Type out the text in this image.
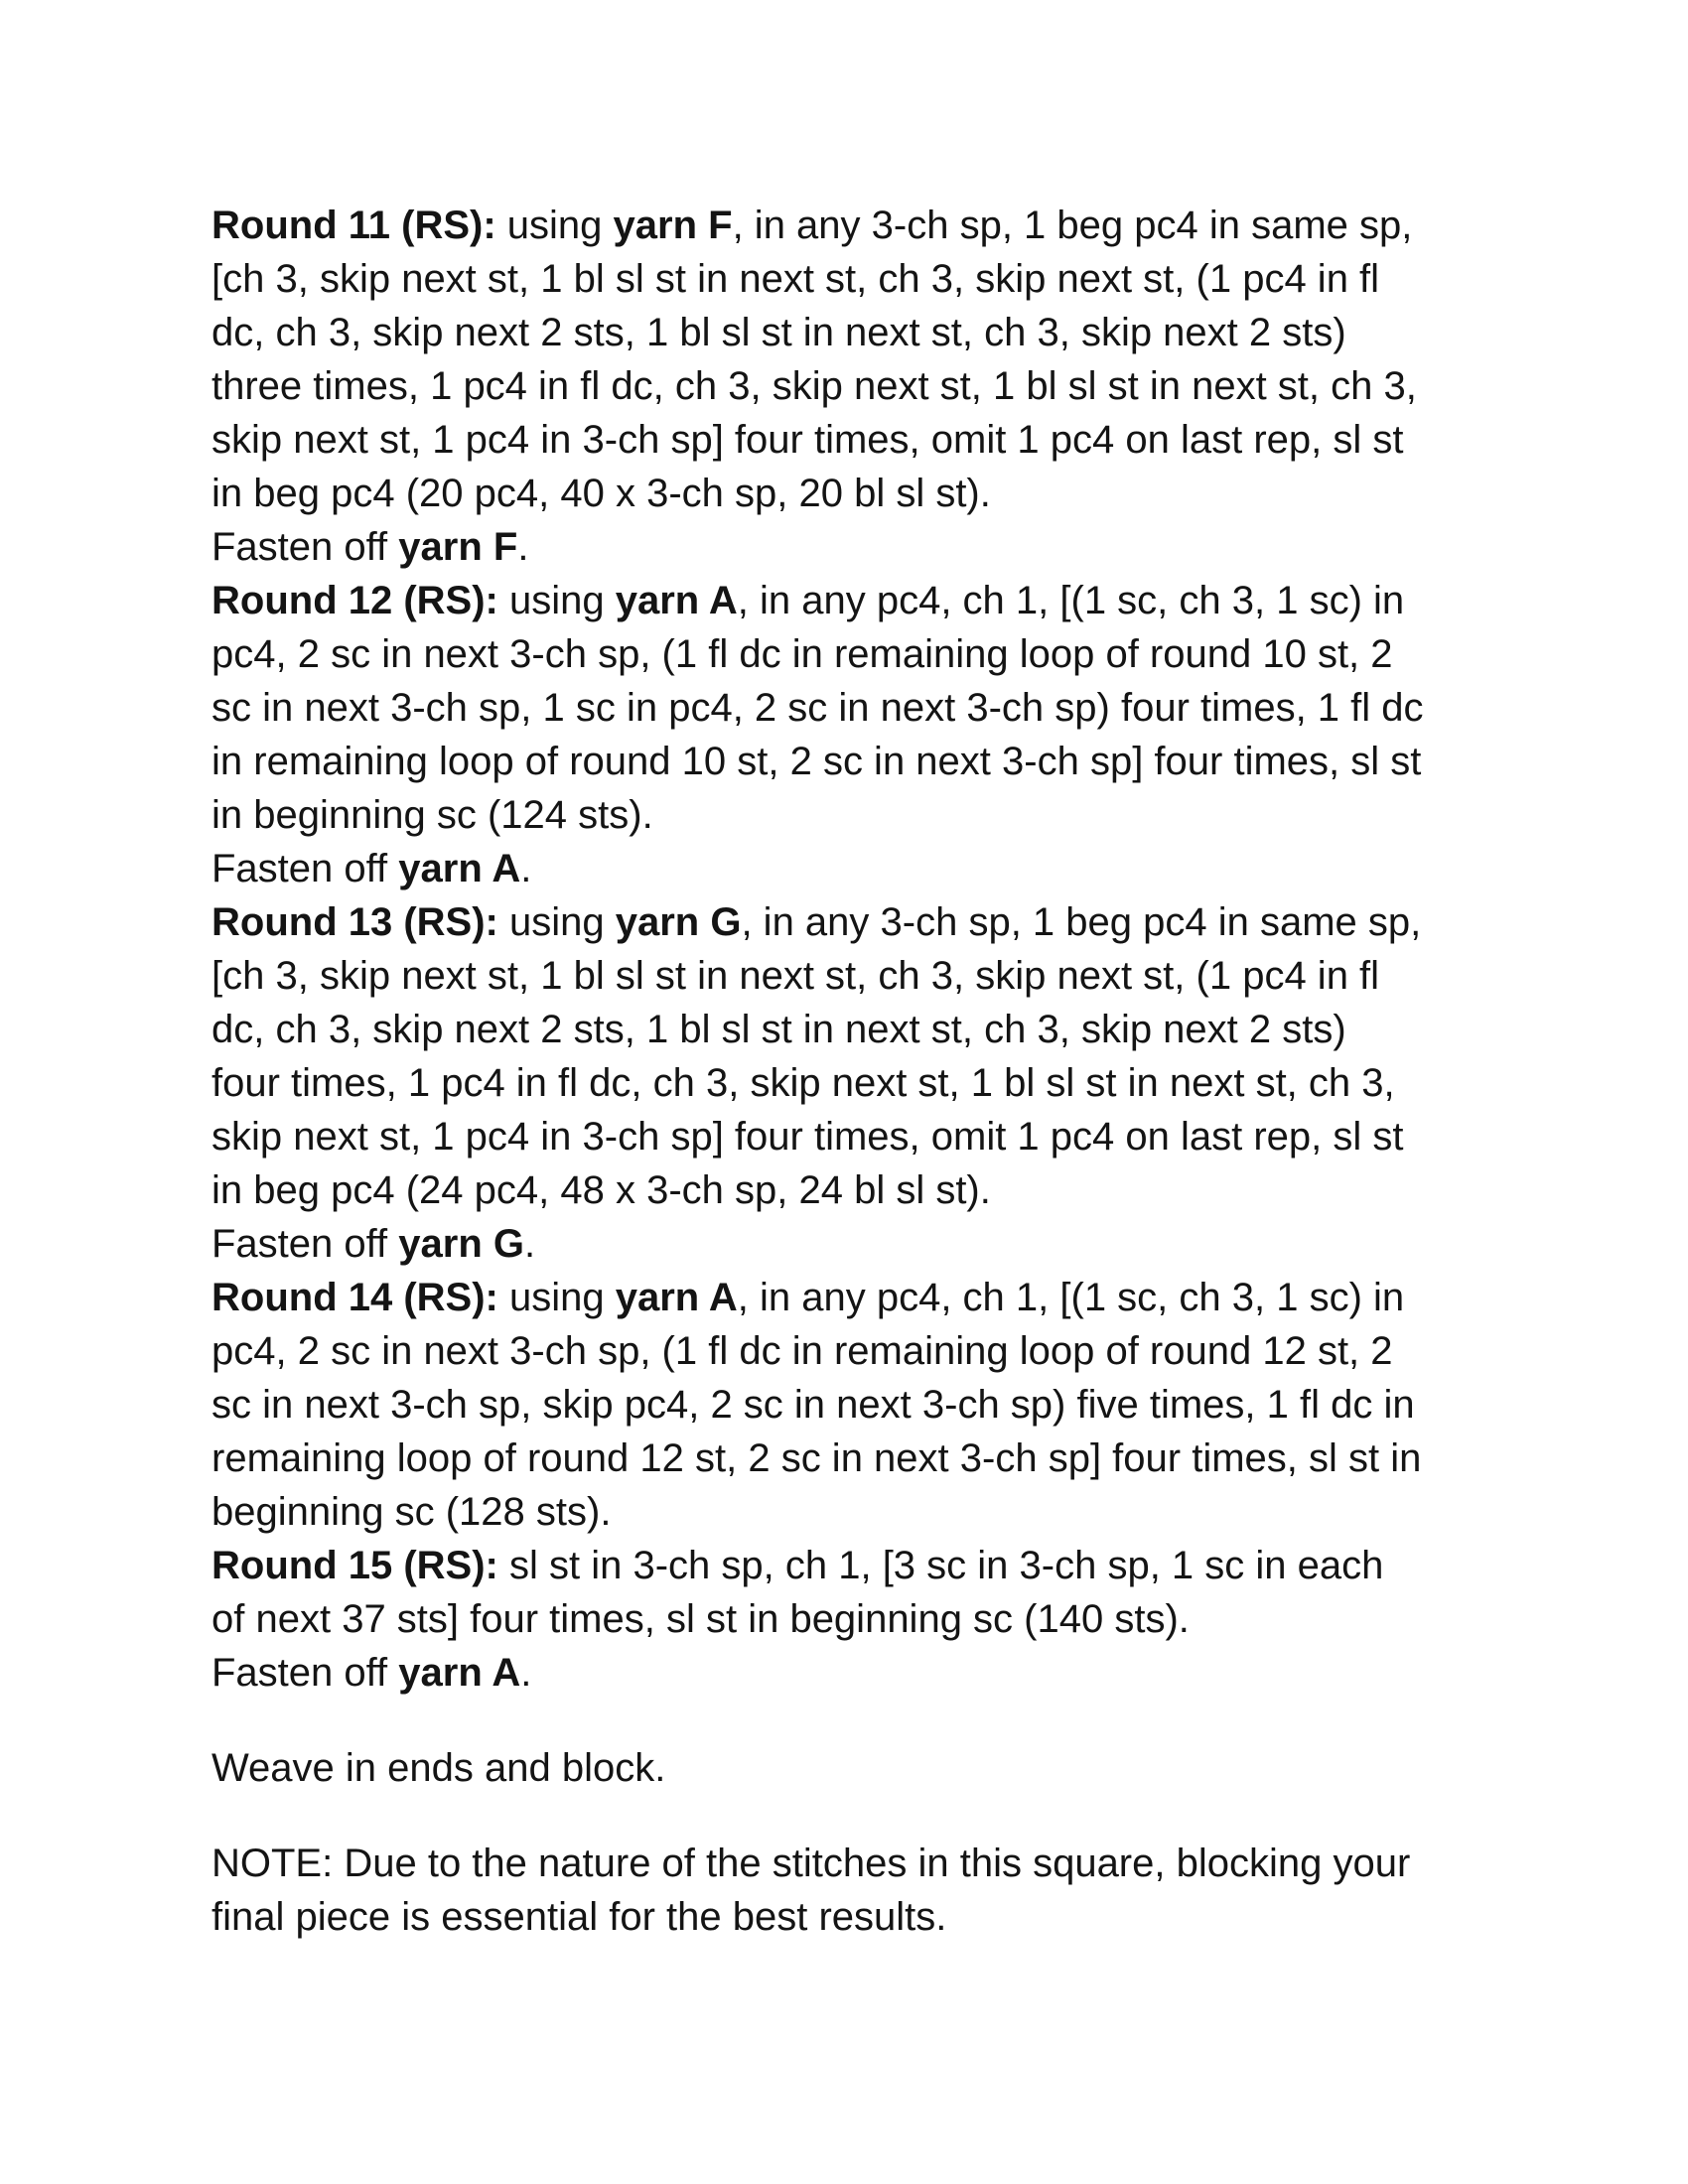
Round 11 (RS): using yarn F, in any 3-ch sp, 1 beg pc4 in same sp,
[ch 3, skip next st, 1 bl sl st in next st, ch 3, skip next st, (1 pc4 in fl
dc, ch 3, skip next 2 sts, 1 bl sl st in next st, ch 3, skip next 2 sts)
three times, 1 pc4 in fl dc, ch 3, skip next st, 1 bl sl st in next st, ch 3,
skip next st, 1 pc4 in 3-ch sp] four times, omit 1 pc4 on last rep, sl st
in beg pc4 (20 pc4, 40 x 3-ch sp, 20 bl sl st).
Fasten off yarn F.
Round 12 (RS): using yarn A, in any pc4, ch 1, [(1 sc, ch 3, 1 sc) in
pc4, 2 sc in next 3-ch sp, (1 fl dc in remaining loop of round 10 st, 2
sc in next 3-ch sp, 1 sc in pc4, 2 sc in next 3-ch sp) four times, 1 fl dc
in remaining loop of round 10 st, 2 sc in next 3-ch sp] four times, sl st
in beginning sc (124 sts).
Fasten off yarn A.
Round 13 (RS): using yarn G, in any 3-ch sp, 1 beg pc4 in same sp,
[ch 3, skip next st, 1 bl sl st in next st, ch 3, skip next st, (1 pc4 in fl
dc, ch 3, skip next 2 sts, 1 bl sl st in next st, ch 3, skip next 2 sts)
four times, 1 pc4 in fl dc, ch 3, skip next st, 1 bl sl st in next st, ch 3,
skip next st, 1 pc4 in 3-ch sp] four times, omit 1 pc4 on last rep, sl st
in beg pc4 (24 pc4, 48 x 3-ch sp, 24 bl sl st).
Fasten off yarn G.
Round 14 (RS): using yarn A, in any pc4, ch 1, [(1 sc, ch 3, 1 sc) in
pc4, 2 sc in next 3-ch sp, (1 fl dc in remaining loop of round 12 st, 2
sc in next 3-ch sp, skip pc4, 2 sc in next 3-ch sp) five times, 1 fl dc in
remaining loop of round 12 st, 2 sc in next 3-ch sp] four times, sl st in
beginning sc (128 sts).
Round 15 (RS): sl st in 3-ch sp, ch 1, [3 sc in 3-ch sp, 1 sc in each
of next 37 sts] four times, sl st in beginning sc (140 sts).
Fasten off yarn A.
Weave in ends and block.
NOTE: Due to the nature of the stitches in this square, blocking your
final piece is essential for the best results.
